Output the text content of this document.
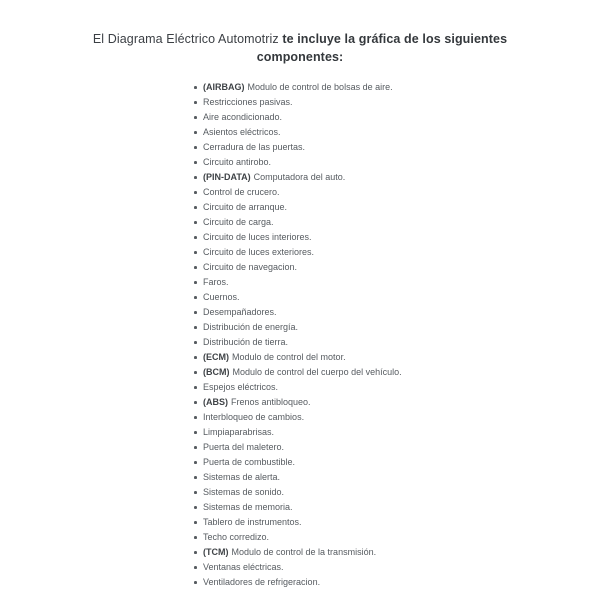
El Diagrama Eléctrico Automotriz te incluye la gráfica de los siguientes componentes:
(AIRBAG) Modulo de control de bolsas de aire.
Restricciones pasivas.
Aire acondicionado.
Asientos eléctricos.
Cerradura de las puertas.
Circuito antirobo.
(PIN-DATA) Computadora del auto.
Control de crucero.
Circuito de arranque.
Circuito de carga.
Circuito de luces interiores.
Circuito de luces exteriores.
Circuito de navegacion.
Faros.
Cuernos.
Desempañadores.
Distribución de energía.
Distribución de tierra.
(ECM) Modulo de control del motor.
(BCM) Modulo de control del cuerpo del vehículo.
Espejos eléctricos.
(ABS) Frenos antibloqueo.
Interbloqueo de cambios.
Limpiaparabrisas.
Puerta del maletero.
Puerta de combustible.
Sistemas de alerta.
Sistemas de sonido.
Sistemas de memoria.
Tablero de instrumentos.
Techo corredizo.
(TCM) Modulo de control de la transmisión.
Ventanas eléctricas.
Ventiladores de refrigeracion.
